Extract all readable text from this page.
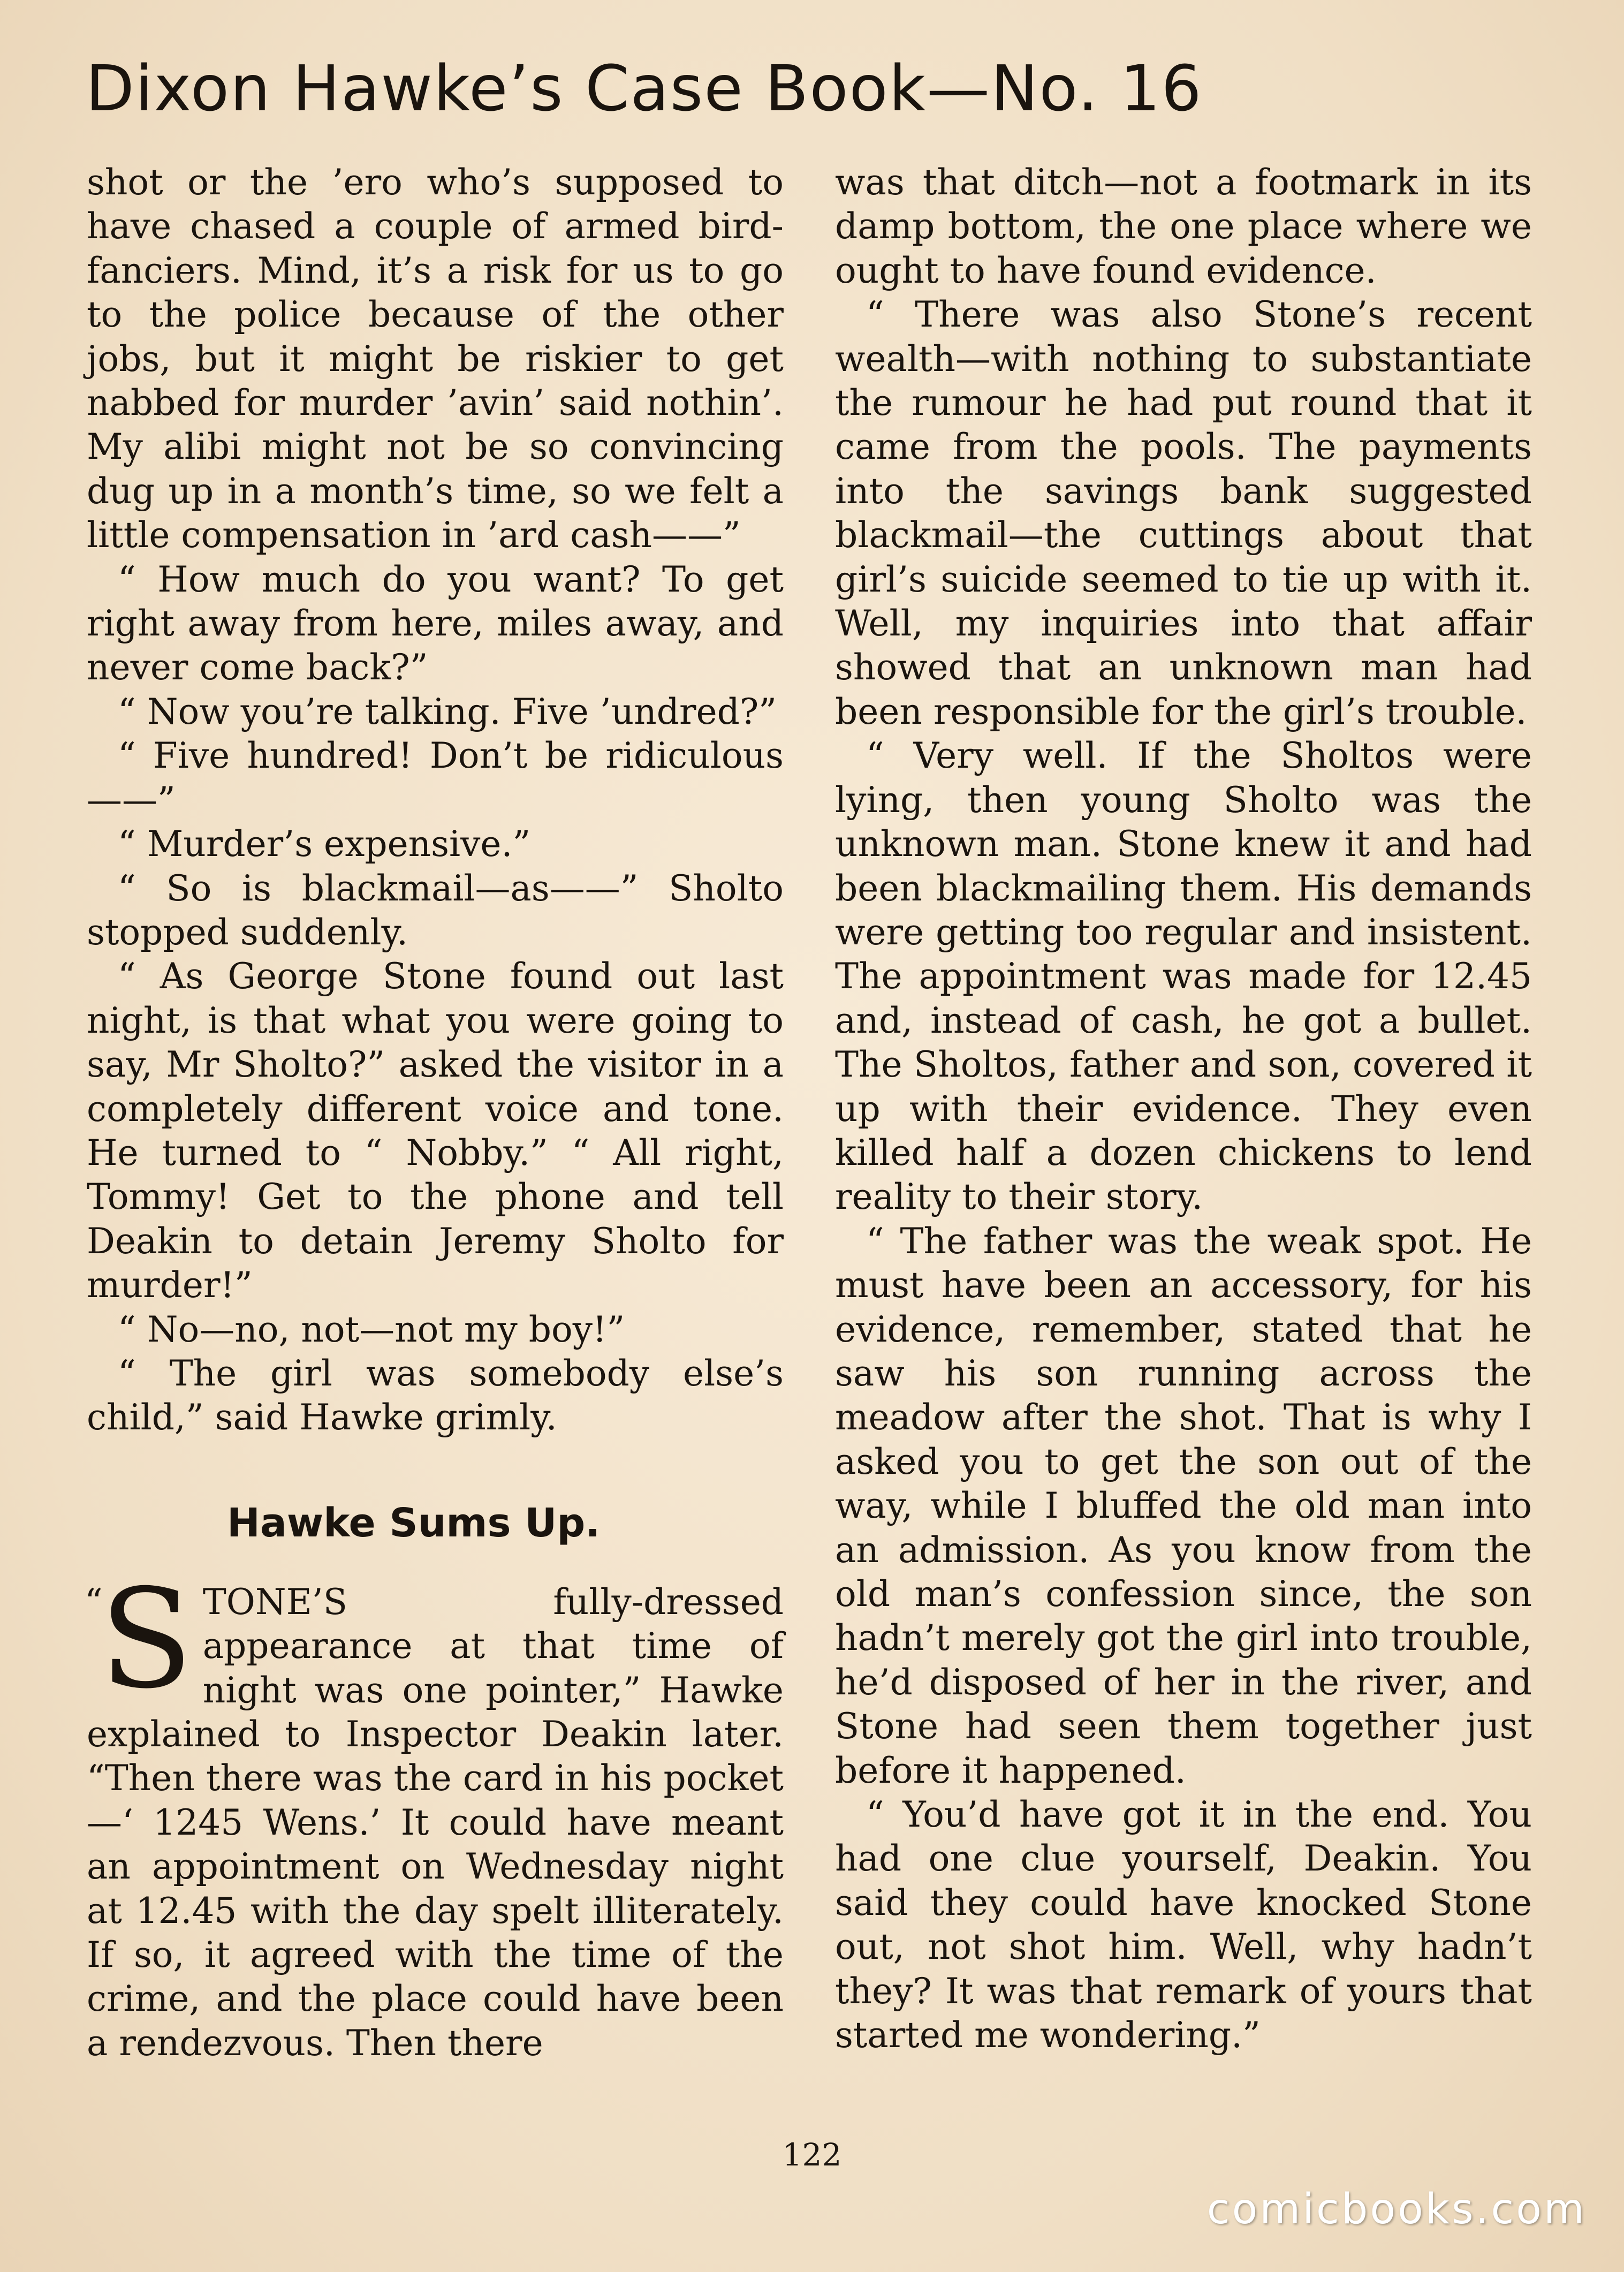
Dixon Hawke’s Case Book—No. 16

shot or the ’ero who’s supposed to have chased a couple of armed bird-fanciers. Mind, it’s a risk for us to go to the police because of the other jobs, but it might be riskier to get nabbed for murder ’avin’ said nothin’. My alibi might not be so convincing dug up in a month’s time, so we felt a little compensation in ’ard cash——”

“ How much do you want? To get right away from here, miles away, and never come back?”

“ Now you’re talking. Five ’undred?”

“ Five hundred! Don’t be ridiculous——”

“ Murder’s expensive.”

“ So is blackmail—as——” Sholto stopped suddenly.

“ As George Stone found out last night, is that what you were going to say, Mr Sholto?” asked the visitor in a completely different voice and tone. He turned to “ Nobby.” “ All right, Tommy! Get to the phone and tell Deakin to detain Jeremy Sholto for murder!”

“ No—no, not—not my boy!”

“ The girl was somebody else’s child,” said Hawke grimly.

Hawke Sums Up.

“
S TONE’S fully-dressed appearance at that time of night was one pointer,” Hawke explained to Inspector Deakin later. “Then there was the card in his pocket—‘ 1245 Wens.’ It could have meant an appointment on Wednesday night at 12.45 with the day spelt illiterately. If so, it agreed with the time of the crime, and the place could have been a rendezvous. Then there

was that ditch—not a footmark in its damp bottom, the one place where we ought to have found evidence.

“ There was also Stone’s recent wealth—with nothing to substantiate the rumour he had put round that it came from the pools. The payments into the savings bank suggested blackmail—the cuttings about that girl’s suicide seemed to tie up with it. Well, my inquiries into that affair showed that an unknown man had been responsible for the girl’s trouble.

“ Very well. If the Sholtos were lying, then young Sholto was the unknown man. Stone knew it and had been blackmailing them. His demands were getting too regular and insistent. The appointment was made for 12.45 and, instead of cash, he got a bullet. The Sholtos, father and son, covered it up with their evidence. They even killed half a dozen chickens to lend reality to their story.

“ The father was the weak spot. He must have been an accessory, for his evidence, remember, stated that he saw his son running across the meadow after the shot. That is why I asked you to get the son out of the way, while I bluffed the old man into an admission. As you know from the old man’s confession since, the son hadn’t merely got the girl into trouble, he’d disposed of her in the river, and Stone had seen them together just before it happened.

“ You’d have got it in the end. You had one clue yourself, Deakin. You said they could have knocked Stone out, not shot him. Well, why hadn’t they? It was that remark of yours that started me wondering.”

122
comicbooks.com
